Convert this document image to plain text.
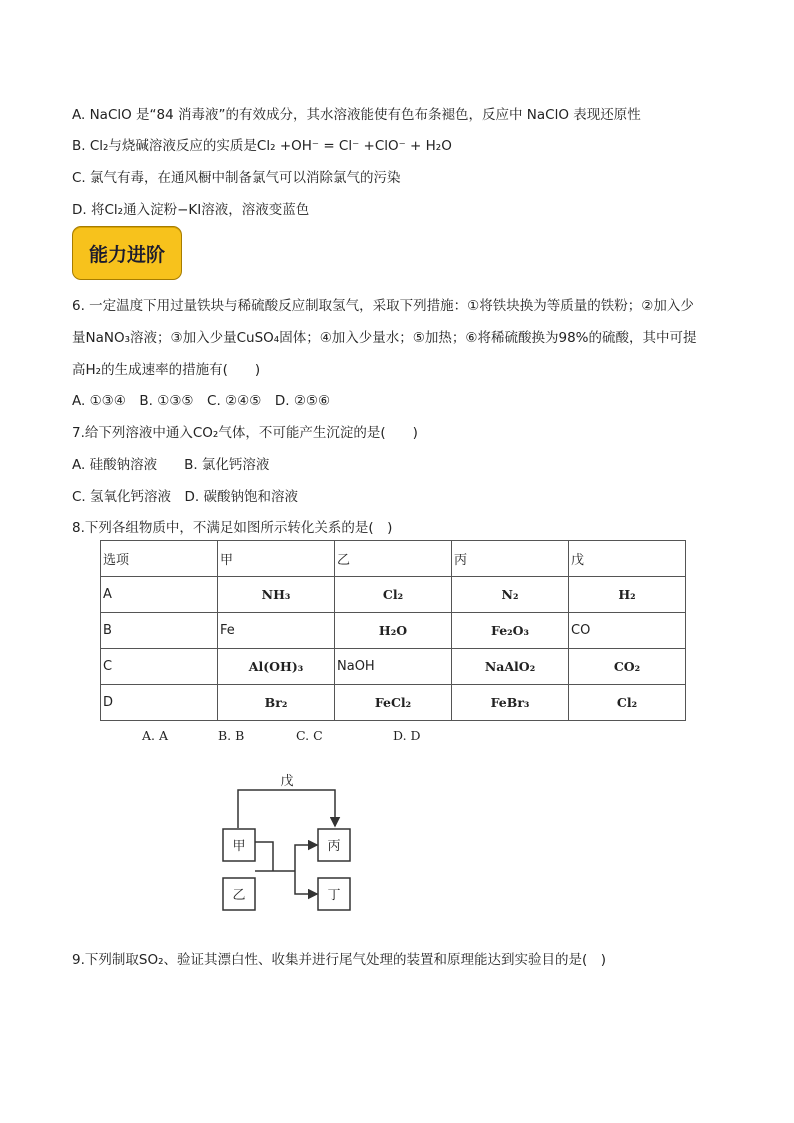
A. NaClO 是“84 消毒液”的有效成分，其水溶液能使有色布条褪色，反应中 NaClO 表现还原性
B. Cl₂与烧碱溶液反应的实质是Cl₂ +OH⁻ = Cl⁻ +ClO⁻ + H₂O
C. 氯气有毒，在通风橱中制备氯气可以消除氯气的污染
D. 将Cl₂通入淀粉−KI溶液，溶液变蓝色
能力进阶
6. 一定温度下用过量铁块与稀硫酸反应制取氢气，采取下列措施：①将铁块换为等质量的铁粉；②加入少
量NaNO₃溶液；③加入少量CuSO₄固体；④加入少量水；⑤加热；⑥将稀硫酸换为98%的硫酸，其中可提
高H₂的生成速率的措施有(　　)
A. ①③④　B. ①③⑤　C. ②④⑤　D. ②⑤⑥
7.给下列溶液中通入CO₂气体，不可能产生沉淀的是(　　)
A. 硅酸钠溶液　　B. 氯化钙溶液
C. 氢氧化钙溶液　D. 碳酸钠饱和溶液
8.下列各组物质中，不满足如图所示转化关系的是(　)
选项	甲	乙	丙	戊
A	NH₃	Cl₂	N₂	H₂
B	Fe	H₂O	Fe₂O₃	CO
C	Al(OH)₃	NaOH	NaAlO₂	CO₂
D	Br₂	FeCl₂	FeBr₃	Cl₂
A. A	B. B	C. C	D. D
戊
甲
乙
丙
丁
9.下列制取SO₂、验证其漂白性、收集并进行尾气处理的装置和原理能达到实验目的是(　)
